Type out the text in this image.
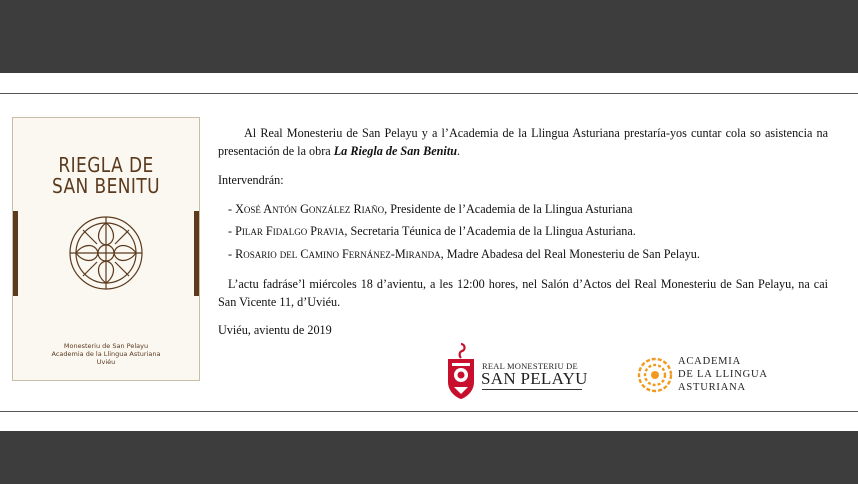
RIEGLA DE
SAN BENITU
Monesteriu de San Pelayu
Academia de la Llingua Asturiana
Uviéu
Al Real Monesteriu de San Pelayu y a l’Academia de la Llingua Asturiana prestaría-yos cuntar cola so asistencia na presentación de la obra La Riegla de San Benitu.
Intervendrán:
- Xosé Antón González Riaño, Presidente de l’Academia de la Llingua Asturiana
- Pilar Fidalgo Pravia, Secretaria Téunica de l’Academia de la Llingua Asturiana.
- Rosario del Camino Fernánez-Miranda, Madre Abadesa del Real Monesteriu de San Pelayu.
L’actu fadráse’l miércoles 18 d’avientu, a les 12:00 hores, nel Salón d’Actos del Real Monesteriu de San Pelayu, na cai San Vicente 11, d’Uviéu.
Uviéu, avientu de 2019
REAL MONESTERIU DE
SAN PELAYU
ACADEMIA
DE LA LLINGUA
ASTURIANA
